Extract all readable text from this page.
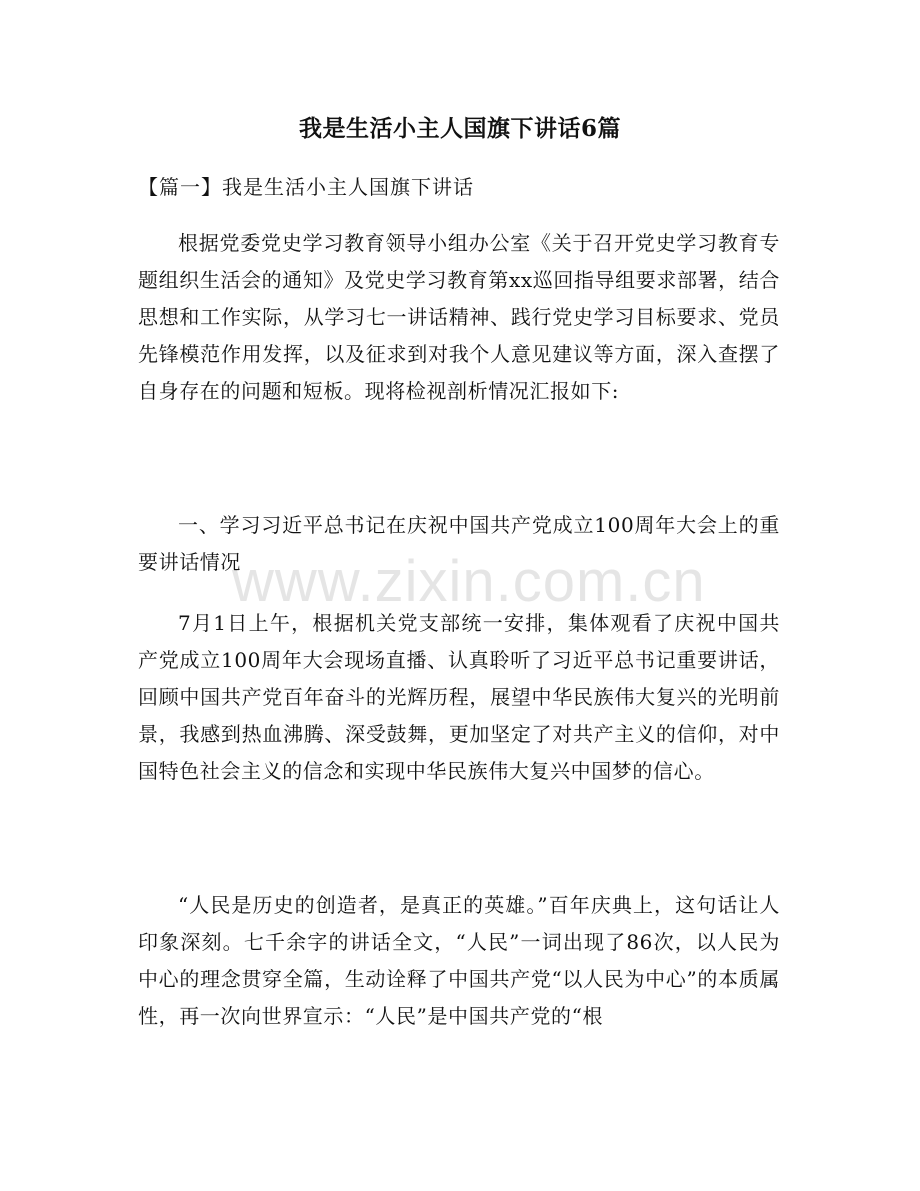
我是生活小主人国旗下讲话6篇

【篇一】我是生活小主人国旗下讲话

根据党委党史学习教育领导小组办公室《关于召开党史学习教育专题组织生活会的通知》及党史学习教育第xx巡回指导组要求部署，结合思想和工作实际，从学习七一讲话精神、践行党史学习目标要求、党员先锋模范作用发挥，以及征求到对我个人意见建议等方面，深入查摆了自身存在的问题和短板。现将检视剖析情况汇报如下:

一、学习习近平总书记在庆祝中国共产党成立100周年大会上的重要讲话情况

7月1日上午，根据机关党支部统一安排，集体观看了庆祝中国共产党成立100周年大会现场直播、认真聆听了习近平总书记重要讲话，回顾中国共产党百年奋斗的光辉历程，展望中华民族伟大复兴的光明前景，我感到热血沸腾、深受鼓舞，更加坚定了对共产主义的信仰，对中国特色社会主义的信念和实现中华民族伟大复兴中国梦的信心。

“人民是历史的创造者，是真正的英雄。”百年庆典上，这句话让人印象深刻。七千余字的讲话全文，“人民”一词出现了86次，以人民为中心的理念贯穿全篇，生动诠释了中国共产党“以人民为中心”的本质属性，再一次向世界宣示：“人民”是中国共产党的“根

www.zixin.com.cn
